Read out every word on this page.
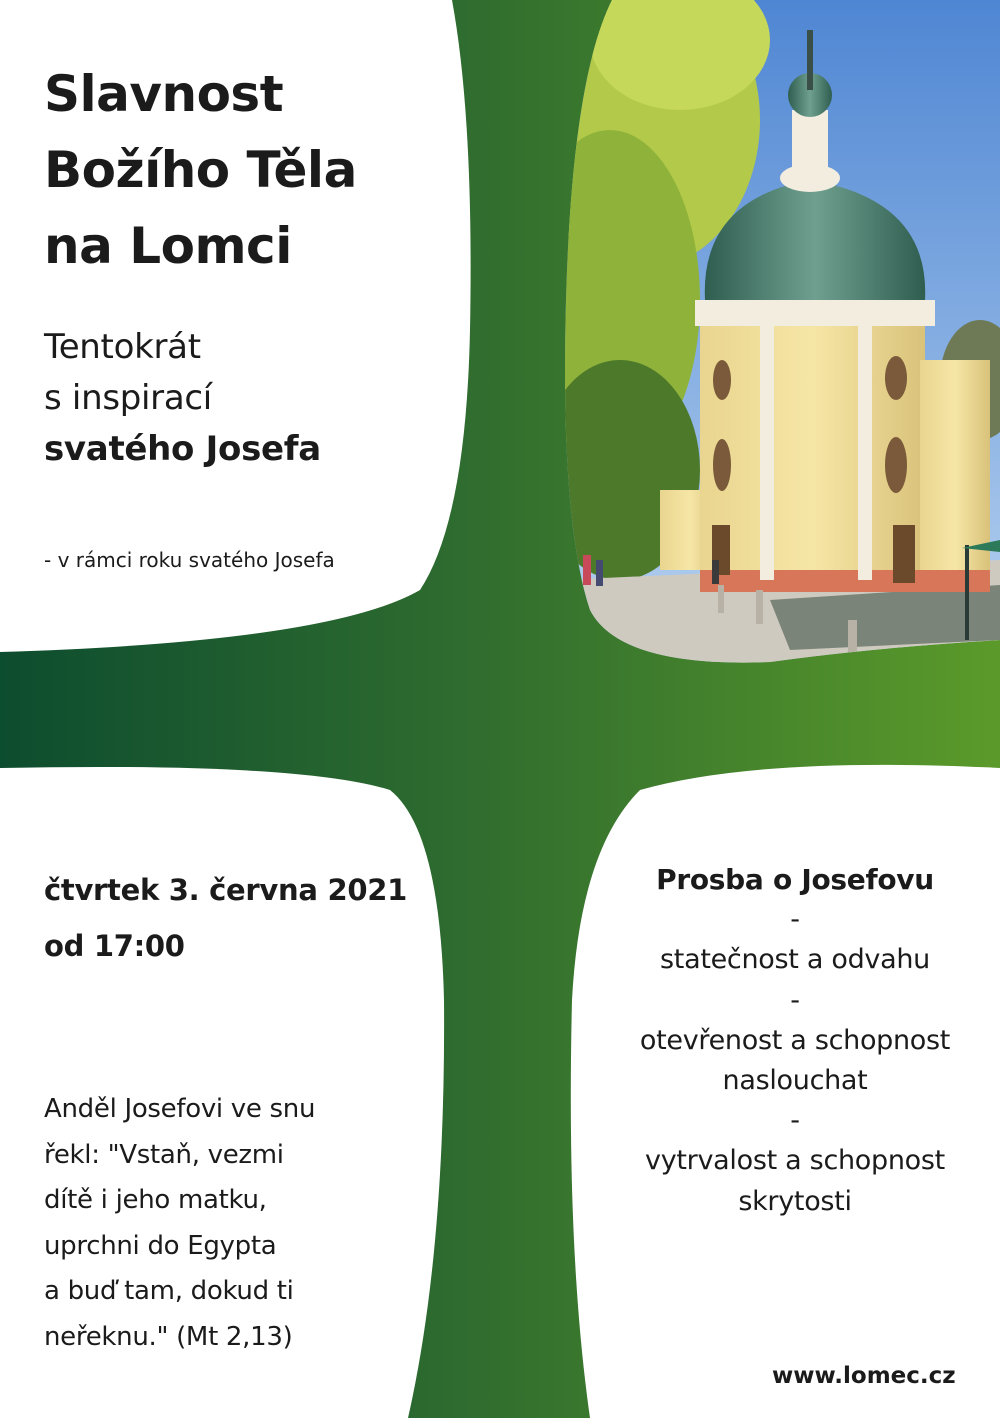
Slavnost
Božího Těla
na Lomci
Tentokrát
s inspirací
svatého Josefa
- v rámci roku svatého Josefa
čtvrtek 3. června 2021
od 17:00
Anděl Josefovi ve snu
řekl: "Vstaň, vezmi
dítě i jeho matku,
uprchni do Egypta
a buď tam, dokud ti
neřeknu." (Mt 2,13)
Prosba o Josefovu
-
statečnost a odvahu
-
otevřenost a schopnost
naslouchat
-
vytrvalost a schopnost
skrytosti
www.lomec.cz
